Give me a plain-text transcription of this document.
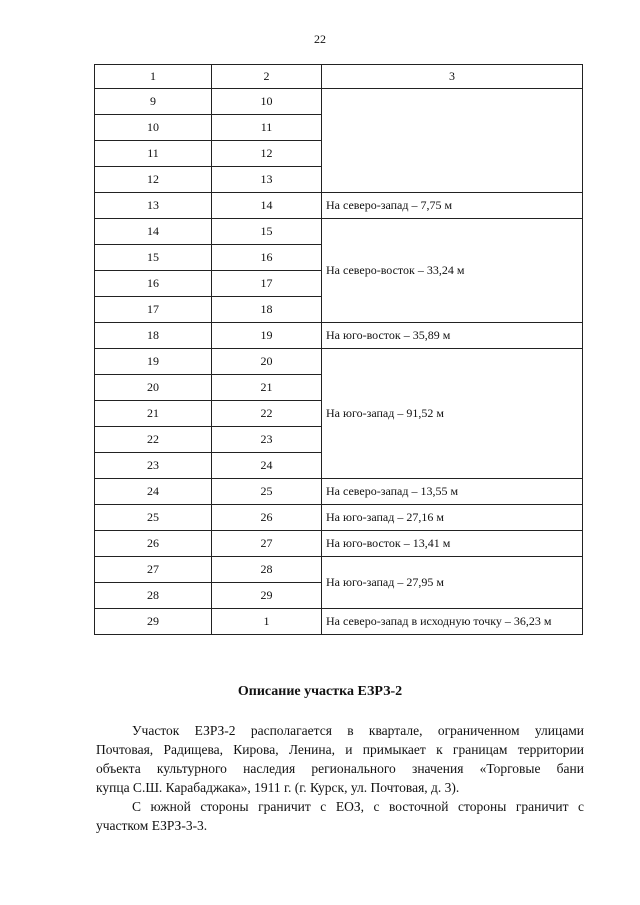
22
1	2	3
9	10	
10	11	
11	12	
12	13	
13	14	На северо-запад – 7,75 м
14	15	На северо-восток – 33,24 м
15	16	
16	17	
17	18	
18	19	На юго-восток – 35,89 м
19	20	На юго-запад – 91,52 м
20	21	
21	22	
22	23	
23	24	
24	25	На северо-запад – 13,55 м
25	26	На юго-запад – 27,16 м
26	27	На юго-восток – 13,41 м
27	28	На юго-запад – 27,95 м
28	29	
29	1	На северо-запад в исходную точку – 36,23 м
Описание участка ЕЗРЗ-2

Участок ЕЗРЗ-2 располагается в квартале, ограниченном улицами
Почтовая, Радищева, Кирова, Ленина, и примыкает к границам территории
объекта культурного наследия регионального значения «Торговые бани
купца С.Ш. Карабаджака», 1911 г. (г. Курск, ул. Почтовая, д. 3).

С южной стороны граничит с ЕОЗ, с восточной стороны граничит с
участком ЕЗРЗ-3-3.
